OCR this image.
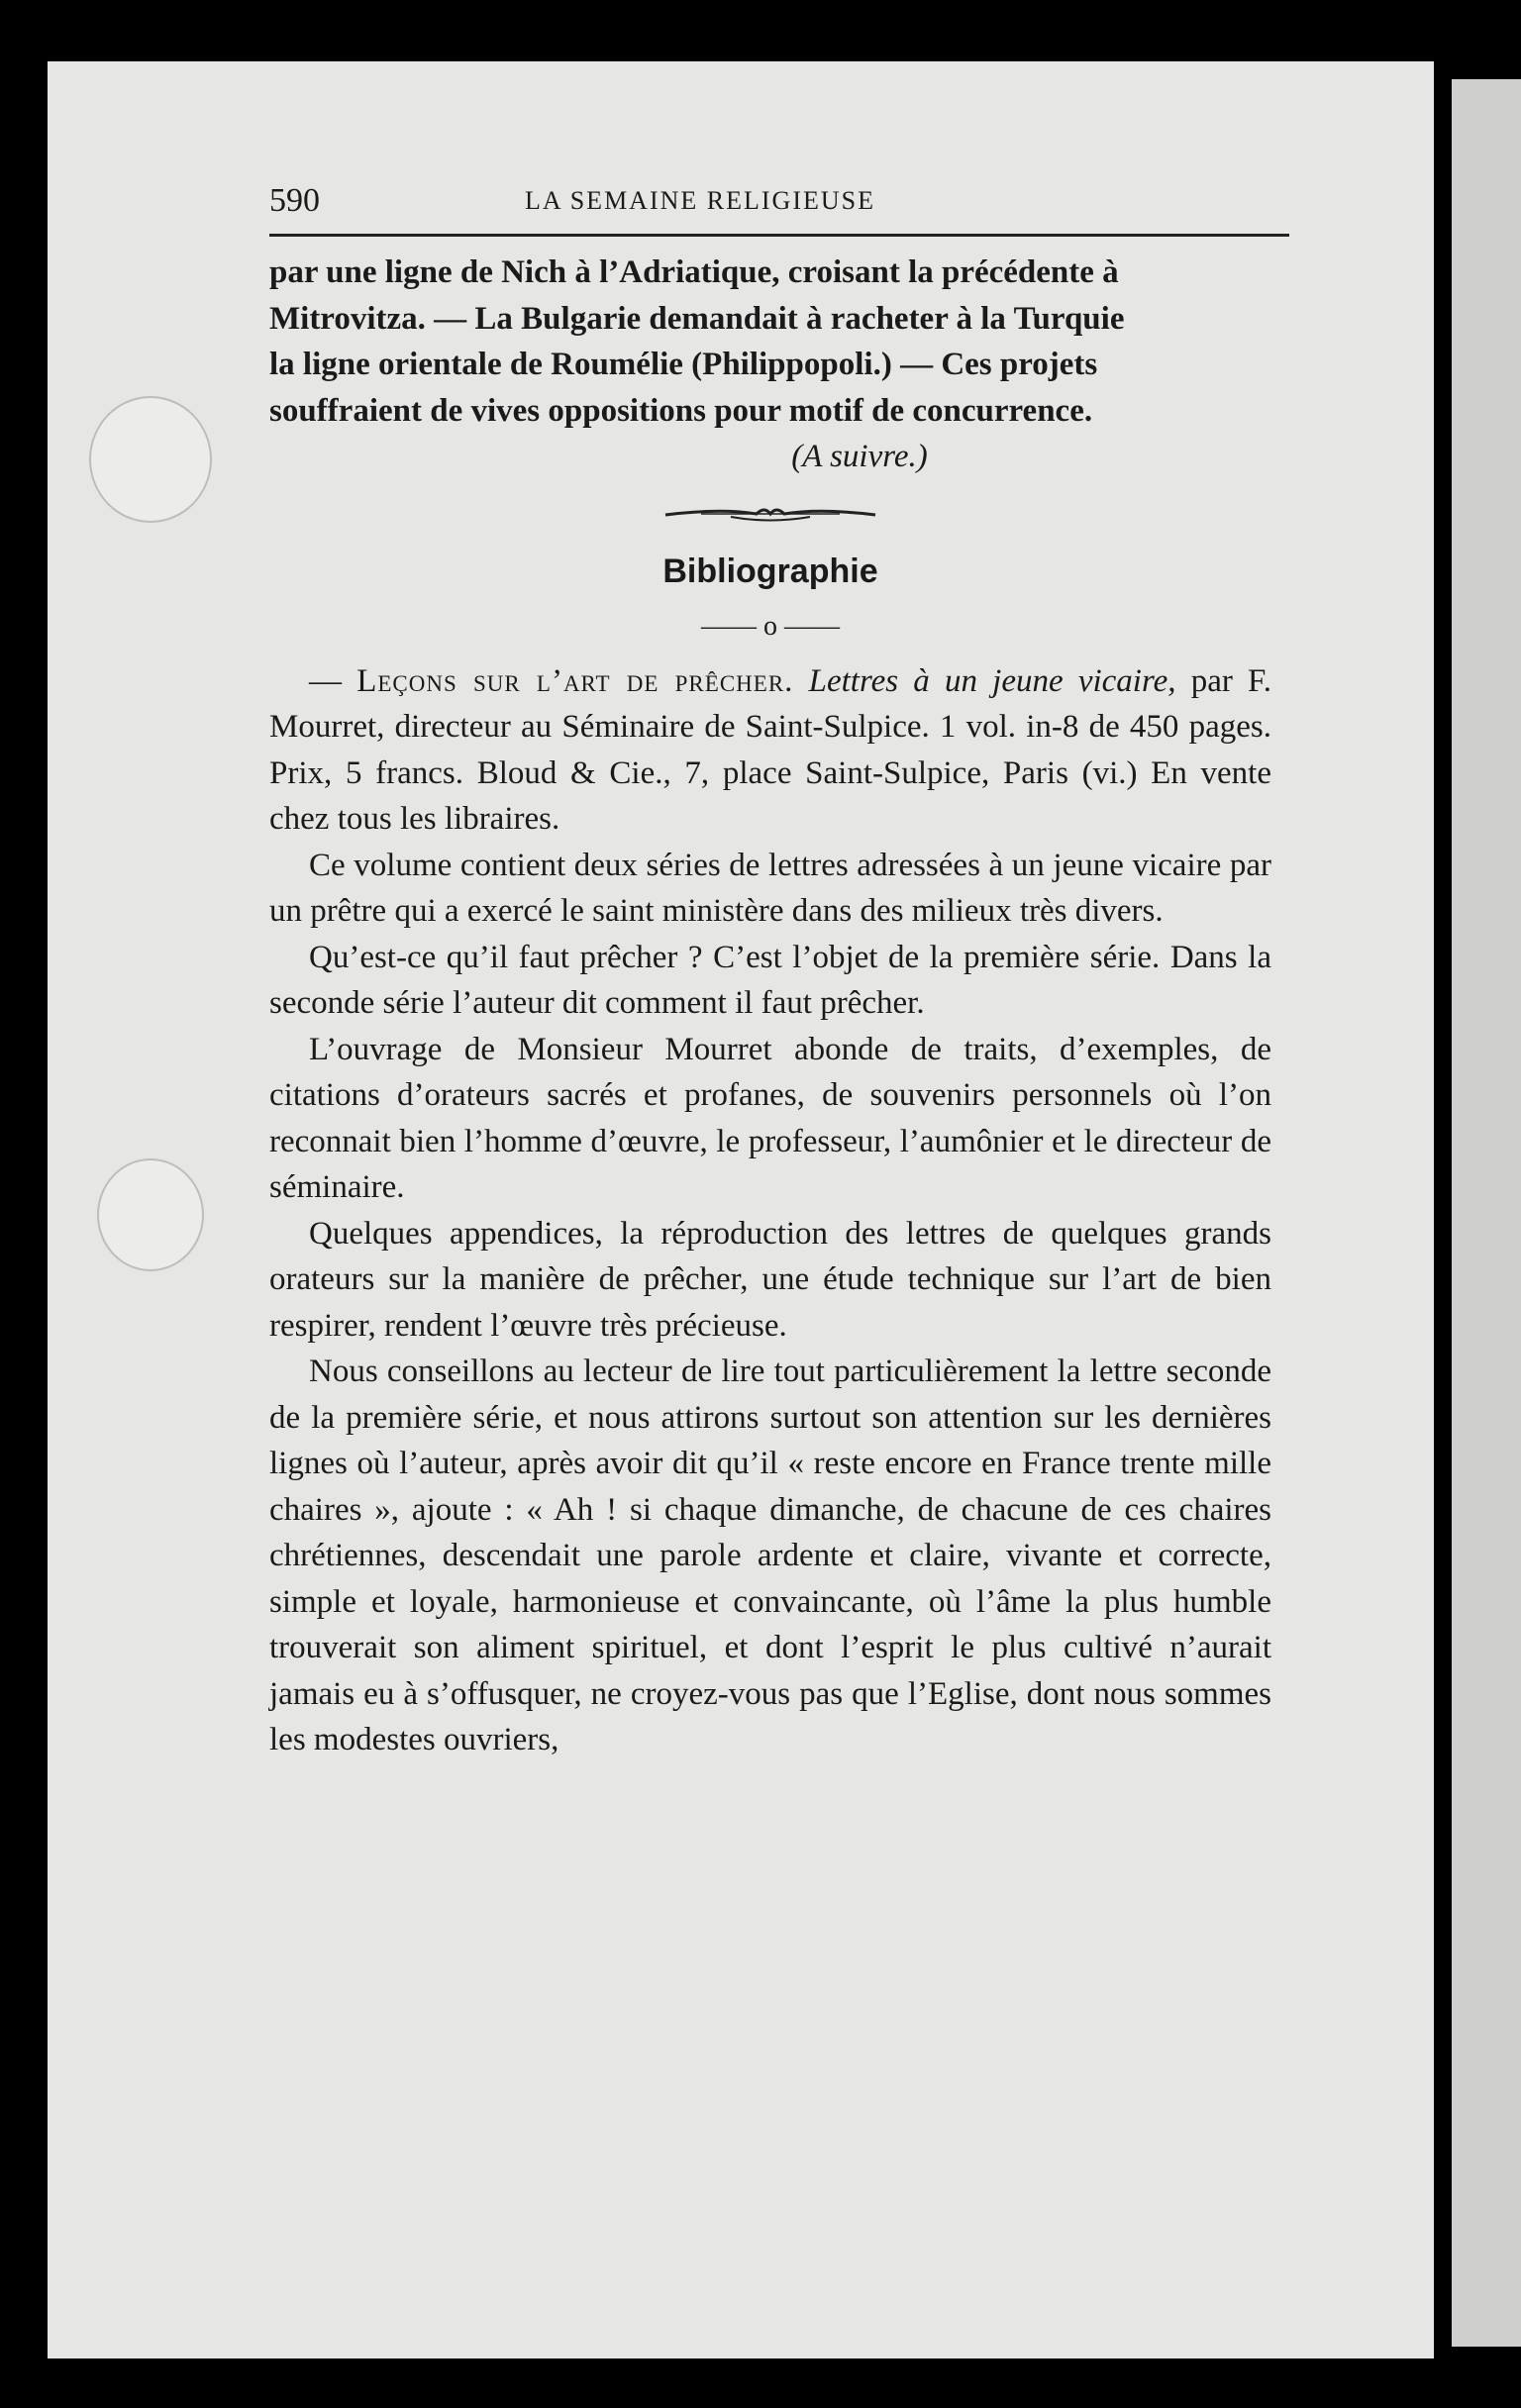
590	LA SEMAINE RELIGIEUSE

par une ligne de Nich à l’Adriatique, croisant la précédente à

Mitrovitza. — La Bulgarie demandait à racheter à la Turquie

la ligne orientale de Roumélie (Philippopoli.) — Ces projets

souffraient de vives oppositions pour motif de concurrence.

(A suivre.)

Bibliographie

—— o ——

— Leçons sur l’art de prêcher. Lettres à un jeune vicaire, par F. Mourret, directeur au Séminaire de Saint-Sulpice. 1 vol. in-8 de 450 pages. Prix, 5 francs. Bloud & Cie., 7, place Saint-Sulpice, Paris (vi.) En vente chez tous les libraires.

Ce volume contient deux séries de lettres adressées à un jeune vicaire par un prêtre qui a exercé le saint ministère dans des milieux très divers.

Qu’est-ce qu’il faut prêcher ? C’est l’objet de la première série. Dans la seconde série l’auteur dit comment il faut prêcher.

L’ouvrage de Monsieur Mourret abonde de traits, d’exemples, de citations d’orateurs sacrés et profanes, de souvenirs personnels où l’on reconnait bien l’homme d’œuvre, le professeur, l’aumônier et le directeur de séminaire.

Quelques appendices, la réproduction des lettres de quelques grands orateurs sur la manière de prêcher, une étude technique sur l’art de bien respirer, rendent l’œuvre très précieuse.

Nous conseillons au lecteur de lire tout particulièrement la lettre seconde de la première série, et nous attirons surtout son attention sur les dernières lignes où l’auteur, après avoir dit qu’il « reste encore en France trente mille chaires », ajoute : « Ah ! si chaque dimanche, de chacune de ces chaires chrétiennes, descendait une parole ardente et claire, vivante et correcte, simple et loyale, harmonieuse et convaincante, où l’âme la plus humble trouverait son aliment spirituel, et dont l’esprit le plus cultivé n’aurait jamais eu à s’offusquer, ne croyez-vous pas que l’Eglise, dont nous sommes les modestes ouvriers,
